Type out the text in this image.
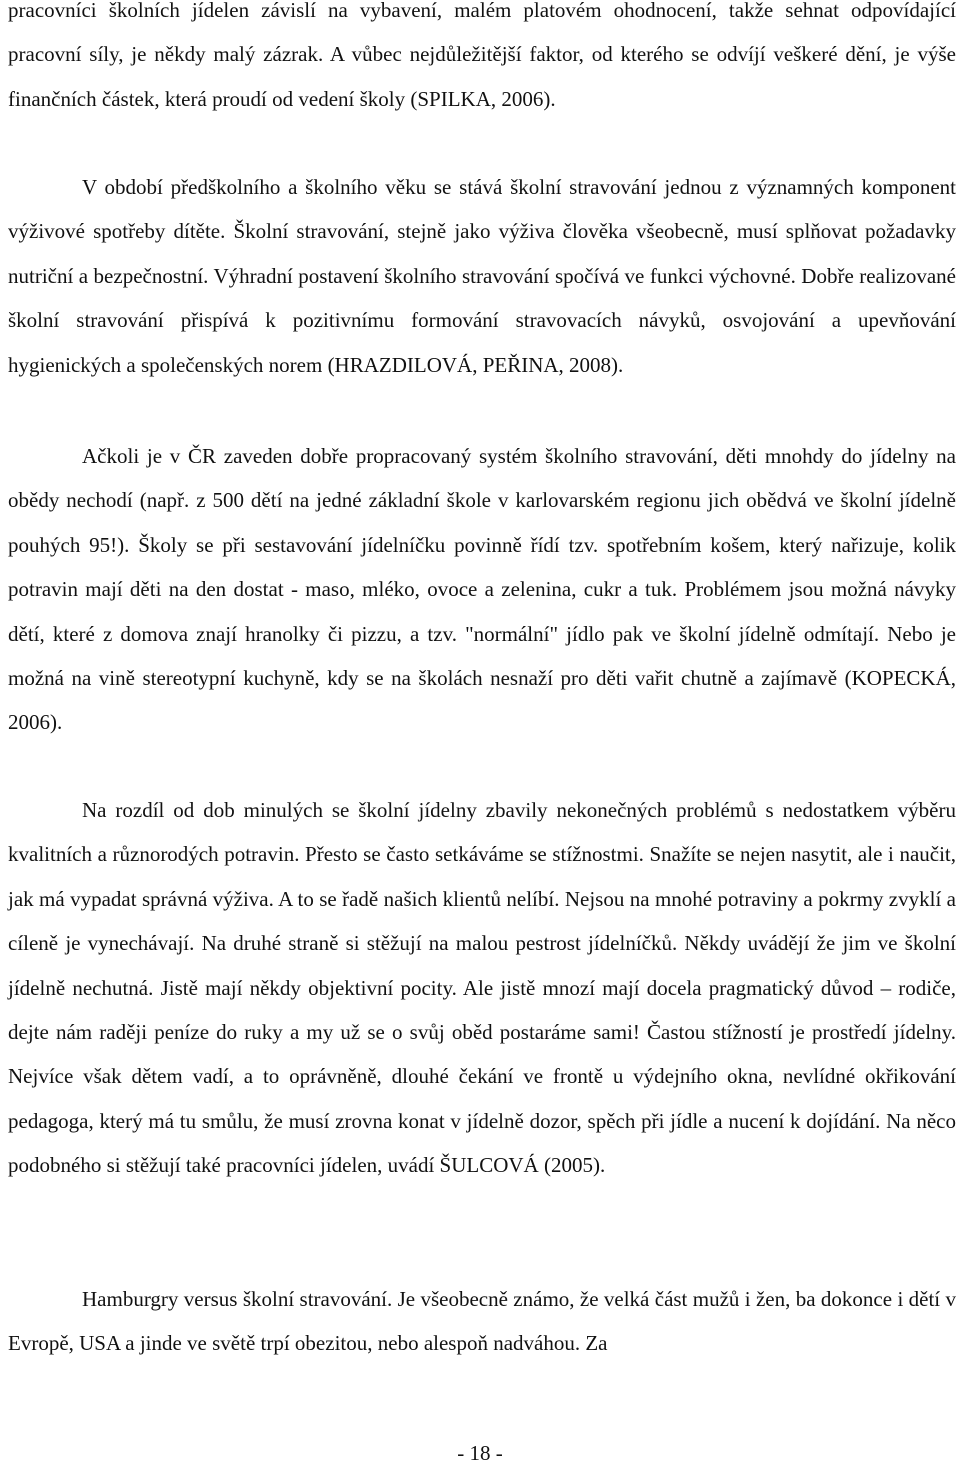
pracovníci školních jídelen závislí na vybavení, malém platovém ohodnocení, takže sehnat odpovídající pracovní síly, je někdy malý zázrak. A vůbec nejdůležitější faktor, od kterého se odvíjí veškeré dění, je výše finančních částek, která proudí od vedení školy (SPILKA, 2006).

V období předškolního a školního věku se stává školní stravování jednou z významných komponent výživové spotřeby dítěte. Školní stravování, stejně jako výživa člověka všeobecně, musí splňovat požadavky nutriční a bezpečnostní. Výhradní postavení školního stravování spočívá ve funkci výchovné. Dobře realizované školní stravování přispívá k pozitivnímu formování stravovacích návyků, osvojování a upevňování hygienických a společenských norem (HRAZDILOVÁ, PEŘINA, 2008).

Ačkoli je v ČR zaveden dobře propracovaný systém školního stravování, děti mnohdy do jídelny na obědy nechodí (např. z 500 dětí na jedné základní škole v karlovarském regionu jich obědvá ve školní jídelně pouhých 95!). Školy se při sestavování jídelníčku povinně řídí tzv. spotřebním košem, který nařizuje, kolik potravin mají děti na den dostat - maso, mléko, ovoce a zelenina, cukr a tuk. Problémem jsou možná návyky dětí, které z domova znají hranolky či pizzu, a tzv. "normální" jídlo pak ve školní jídelně odmítají. Nebo je možná na vině stereotypní kuchyně, kdy se na školách nesnaží pro děti vařit chutně a zajímavě (KOPECKÁ, 2006).

Na rozdíl od dob minulých se školní jídelny zbavily nekonečných problémů s nedostatkem výběru kvalitních a různorodých potravin. Přesto se často setkáváme se stížnostmi. Snažíte se nejen nasytit, ale i naučit, jak má vypadat správná výživa. A to se řadě našich klientů nelíbí. Nejsou na mnohé potraviny a pokrmy zvyklí a cíleně je vynechávají. Na druhé straně si stěžují na malou pestrost jídelníčků. Někdy uvádějí že jim ve školní jídelně nechutná. Jistě mají někdy objektivní pocity. Ale jistě mnozí mají docela pragmatický důvod – rodiče, dejte nám raději peníze do ruky a my už se o svůj oběd postaráme sami! Častou stížností je prostředí jídelny. Nejvíce však dětem vadí, a to oprávněně, dlouhé čekání ve frontě u výdejního okna, nevlídné okřikování pedagoga, který má tu smůlu, že musí zrovna konat v jídelně dozor, spěch při jídle a nucení k dojídání. Na něco podobného si stěžují také pracovníci jídelen, uvádí ŠULCOVÁ (2005).

Hamburgry versus školní stravování. Je všeobecně známo, že velká část mužů i žen, ba dokonce i dětí v Evropě, USA a jinde ve světě trpí obezitou, nebo alespoň nadváhou. Za

- 18 -
